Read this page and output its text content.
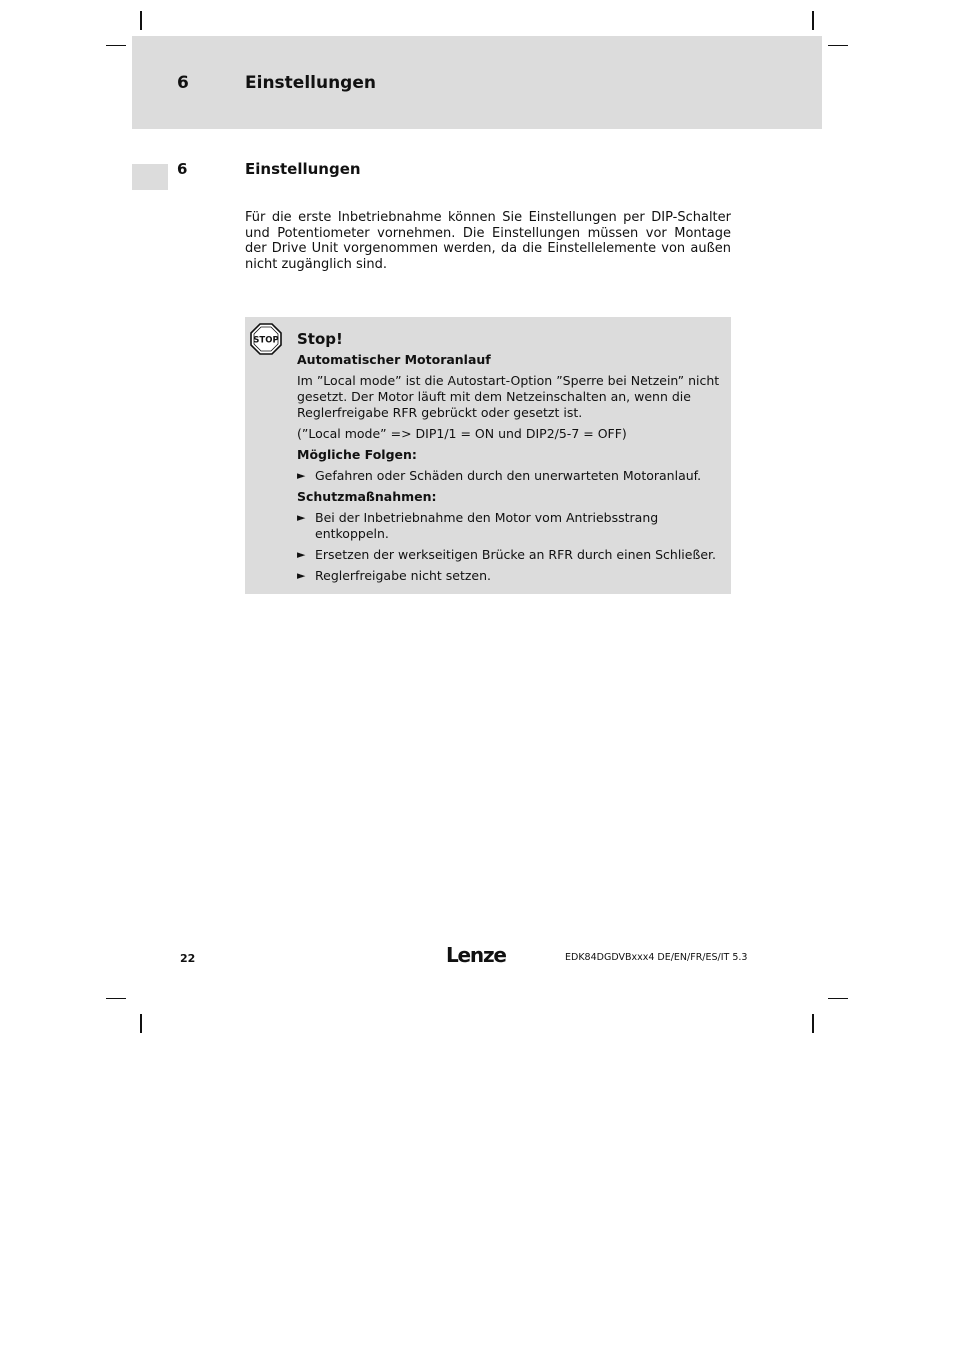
6	Einstellungen
6	Einstellungen

Für die erste Inbetriebnahme können Sie Einstellungen per DIP-Schalter und Potentiometer vornehmen. Die Einstellungen müssen vor Montage der Drive Unit vorgenommen werden, da die Einstellelemente von außen nicht zugänglich sind.

STOP Stop!
Automatischer Motoranlauf
Im ”Local mode” ist die Autostart-Option ”Sperre bei Netzein” nicht gesetzt. Der Motor läuft mit dem Netzeinschalten an, wenn die Reglerfreigabe RFR gebrückt oder gesetzt ist.
(”Local mode” => DIP1/1 = ON und DIP2/5-7 = OFF)
Mögliche Folgen:
► Gefahren oder Schäden durch den unerwarteten Motoranlauf.
Schutzmaßnahmen:
► Bei der Inbetriebnahme den Motor vom Antriebsstrang entkoppeln.
► Ersetzen der werkseitigen Brücke an RFR durch einen Schließer.
► Reglerfreigabe nicht setzen.
22	Lenze	EDK84DGDVBxxx4 DE/EN/FR/ES/IT 5.3
